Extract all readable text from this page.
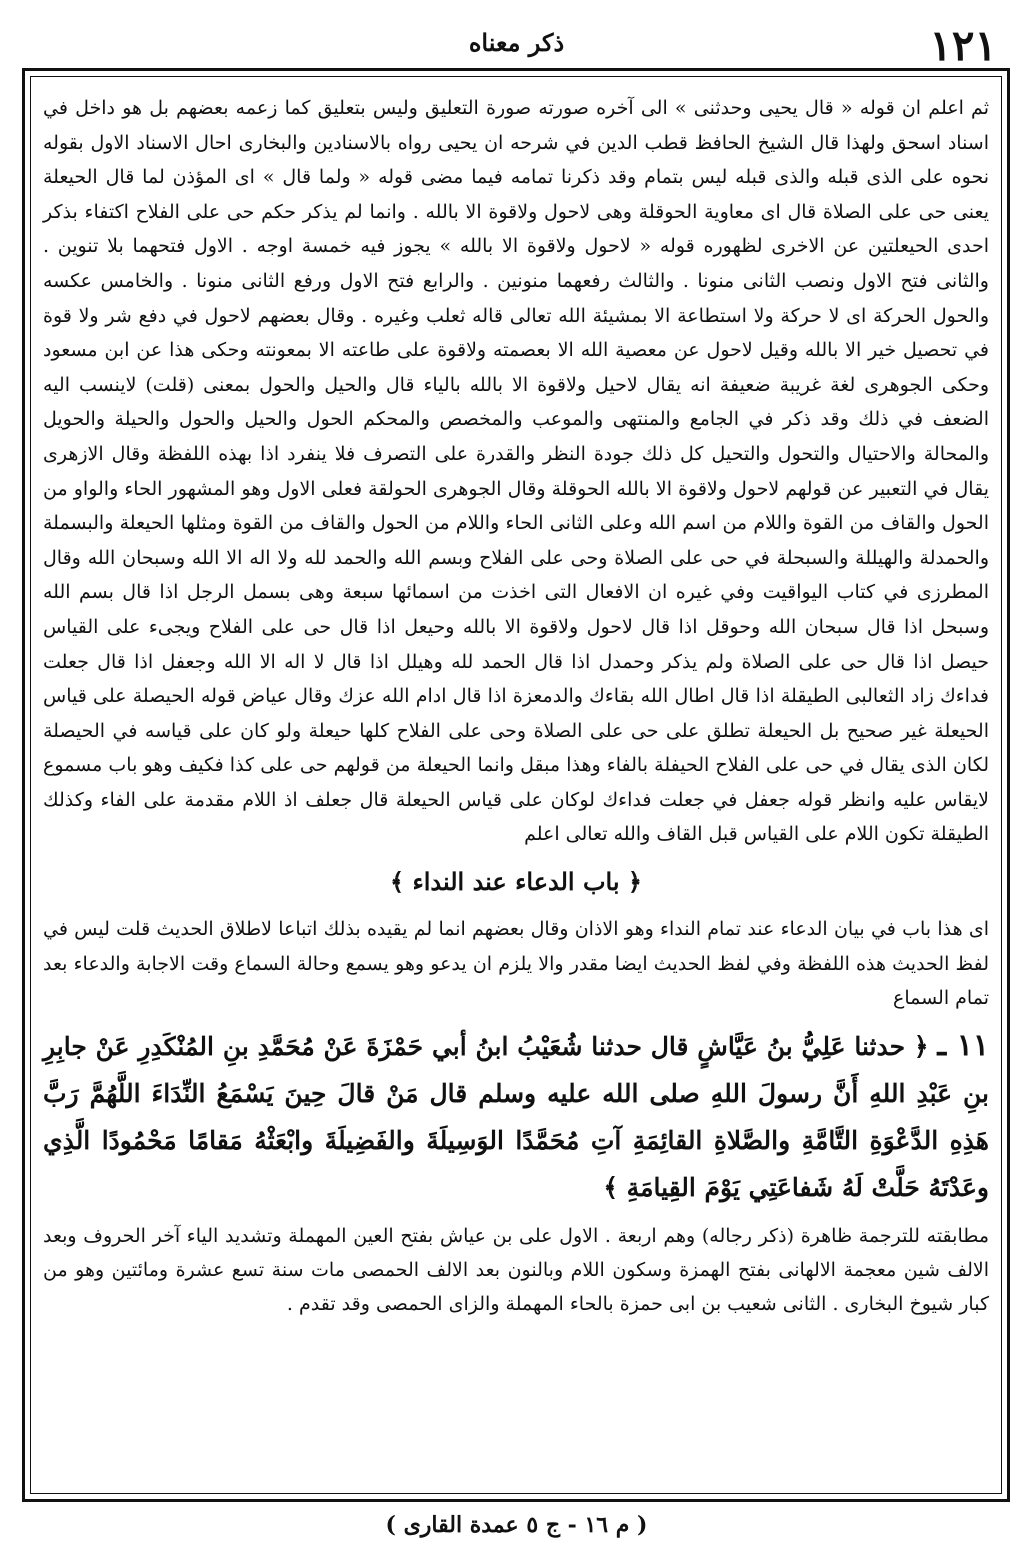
١٢١
ذكر معناه

ثم اعلم ان قوله « قال يحيى وحدثنى » الى آخره صورته صورة التعليق وليس بتعليق كما زعمه بعضهم بل هو داخل في اسناد اسحق ولهذا قال الشيخ الحافظ قطب الدين في شرحه ان يحيى رواه بالاسنادين والبخارى احال الاسناد الاول بقوله نحوه على الذى قبله والذى قبله ليس بتمام وقد ذكرنا تمامه فيما مضى قوله « ولما قال » اى المؤذن لما قال الحيعلة يعنى حى على الصلاة قال اى معاوية الحوقلة وهى لاحول ولاقوة الا بالله . وانما لم يذكر حكم حى على الفلاح اكتفاء بذكر احدى الحيعلتين عن الاخرى لظهوره قوله « لاحول ولاقوة الا بالله » يجوز فيه خمسة اوجه . الاول فتحهما بلا تنوين . والثانى فتح الاول ونصب الثانى منونا . والثالث رفعهما منونين . والرابع فتح الاول ورفع الثانى منونا . والخامس عكسه والحول الحركة اى لا حركة ولا استطاعة الا بمشيئة الله تعالى قاله ثعلب وغيره . وقال بعضهم لاحول في دفع شر ولا قوة في تحصيل خير الا بالله وقيل لاحول عن معصية الله الا بعصمته ولاقوة على طاعته الا بمعونته وحكى هذا عن ابن مسعود وحكى الجوهرى لغة غريبة ضعيفة انه يقال لاحيل ولاقوة الا بالله بالياء قال والحيل والحول بمعنى (قلت) لاينسب اليه الضعف في ذلك وقد ذكر في الجامع والمنتهى والموعب والمخصص والمحكم الحول والحيل والحول والحيلة والحويل والمحالة والاحتيال والتحول والتحيل كل ذلك جودة النظر والقدرة على التصرف فلا ينفرد اذا بهذه اللفظة وقال الازهرى يقال في التعبير عن قولهم لاحول ولاقوة الا بالله الحوقلة وقال الجوهرى الحولقة فعلى الاول وهو المشهور الحاء والواو من الحول والقاف من القوة واللام من اسم الله وعلى الثانى الحاء واللام من الحول والقاف من القوة ومثلها الحيعلة والبسملة والحمدلة والهيللة والسبحلة في حى على الصلاة وحى على الفلاح وبسم الله والحمد لله ولا اله الا الله وسبحان الله وقال المطرزى في كتاب اليواقيت وفي غيره ان الافعال التى اخذت من اسمائها سبعة وهى بسمل الرجل اذا قال بسم الله وسبحل اذا قال سبحان الله وحوقل اذا قال لاحول ولاقوة الا بالله وحيعل اذا قال حى على الفلاح ويجىء على القياس حيصل اذا قال حى على الصلاة ولم يذكر وحمدل اذا قال الحمد لله وهيلل اذا قال لا اله الا الله وجعفل اذا قال جعلت فداءك زاد الثعالبى الطيقلة اذا قال اطال الله بقاءك والدمعزة اذا قال ادام الله عزك وقال عياض قوله الحيصلة على قياس الحيعلة غير صحيح بل الحيعلة تطلق على حى على الصلاة وحى على الفلاح كلها حيعلة ولو كان على قياسه في الحيصلة لكان الذى يقال في حى على الفلاح الحيفلة بالفاء وهذا مبقل وانما الحيعلة من قولهم حى على كذا فكيف وهو باب مسموع لايقاس عليه وانظر قوله جعفل في جعلت فداءك لوكان على قياس الحيعلة قال جعلف اذ اللام مقدمة على الفاء وكذلك الطيقلة تكون اللام على القياس قبل القاف والله تعالى اعلم

﴿ باب الدعاء عند النداء ﴾

اى هذا باب في بيان الدعاء عند تمام النداء وهو الاذان وقال بعضهم انما لم يقيده بذلك اتباعا لاطلاق الحديث قلت ليس في لفظ الحديث هذه اللفظة وفي لفظ الحديث ايضا مقدر والا يلزم ان يدعو وهو يسمع وحالة السماع وقت الاجابة والدعاء بعد تمام السماع

١١ ـ ﴿ حدثنا عَلِيُّ بنُ عَيَّاشٍ قال حدثنا شُعَيْبُ ابنُ أبي حَمْزَةَ عَنْ مُحَمَّدِ بنِ المُنْكَدِرِ عَنْ جابِرِ بنِ عَبْدِ اللهِ أَنَّ رسولَ اللهِ صلى الله عليه وسلم قال مَنْ قالَ حِينَ يَسْمَعُ النِّدَاءَ اللَّهُمَّ رَبَّ هَذِهِ الدَّعْوَةِ التَّامَّةِ والصَّلاةِ القائِمَةِ آتِ مُحَمَّدًا الوَسِيلَةَ والفَضِيلَةَ وابْعَثْهُ مَقامًا مَحْمُودًا الَّذِي وعَدْتَهُ حَلَّتْ لَهُ شَفاعَتِي يَوْمَ القِيامَةِ ﴾

مطابقته للترجمة ظاهرة (ذكر رجاله) وهم اربعة . الاول على بن عياش بفتح العين المهملة وتشديد الياء آخر الحروف وبعد الالف شين معجمة الالهانى بفتح الهمزة وسكون اللام وبالنون بعد الالف الحمصى مات سنة تسع عشرة ومائتين وهو من كبار شيوخ البخارى . الثانى شعيب بن ابى حمزة بالحاء المهملة والزاى الحمصى وقد تقدم .

( م ١٦ - ج ٥ عمدة القارى )
